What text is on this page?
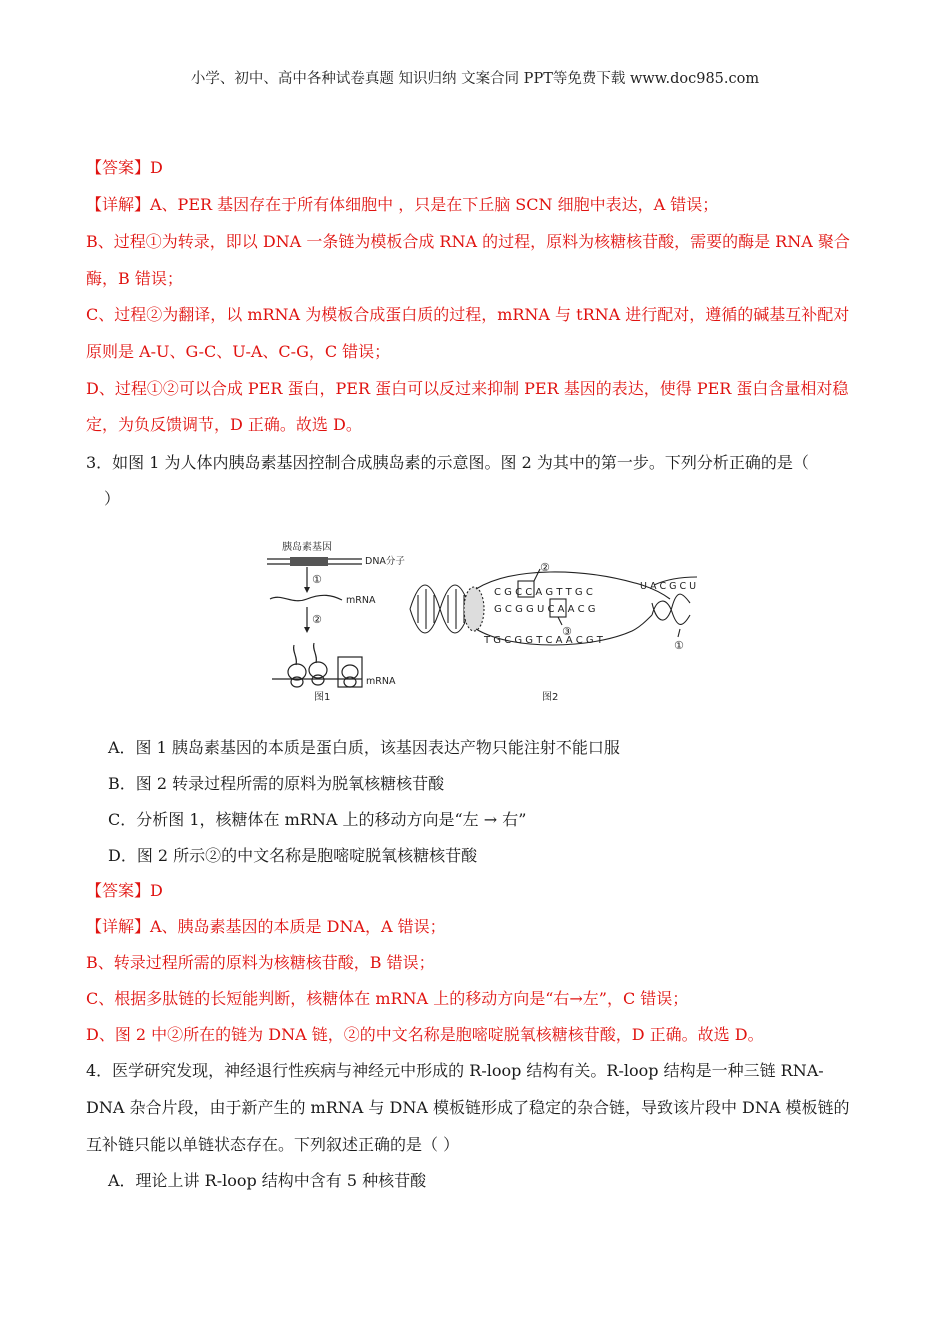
小学、初中、高中各种试卷真题 知识归纳 文案合同 PPT等免费下载 www.doc985.com
【答案】D
【详解】A、PER 基因存在于所有体细胞中 ，只是在下丘脑 SCN 细胞中表达，A 错误；
B、过程①为转录，即以 DNA 一条链为模板合成 RNA 的过程，原料为核糖核苷酸，需要的酶是 RNA 聚合
酶，B 错误；
C、过程②为翻译，以 mRNA 为模板合成蛋白质的过程，mRNA 与 tRNA 进行配对，遵循的碱基互补配对
原则是 A-U、G-C、U-A、C-G，C 错误；
D、过程①②可以合成 PER 蛋白，PER 蛋白可以反过来抑制 PER 基因的表达，使得 PER 蛋白含量相对稳
定，为负反馈调节，D 正确。故选 D。
3．如图 1 为人体内胰岛素基因控制合成胰岛素的示意图。图 2 为其中的第一步。下列分析正确的是（
）
胰岛素基因
DNA分子
①
mRNA
②
mRNA
图1
C G C C A G T T G C
G C G G U C A A C G
T G C G G T C A A C G T
U A C G C U
②
③
①
图2
A．图 1 胰岛素基因的本质是蛋白质，该基因表达产物只能注射不能口服
B．图 2 转录过程所需的原料为脱氧核糖核苷酸
C．分析图 1，核糖体在 mRNA 上的移动方向是“左 → 右”
D．图 2 所示②的中文名称是胞嘧啶脱氧核糖核苷酸
【答案】D
【详解】A、胰岛素基因的本质是 DNA，A 错误；
B、转录过程所需的原料为核糖核苷酸，B 错误；
C、根据多肽链的长短能判断，核糖体在 mRNA 上的移动方向是“右→左”，C 错误；
D、图 2 中②所在的链为 DNA 链，②的中文名称是胞嘧啶脱氧核糖核苷酸，D 正确。故选 D。
4．医学研究发现，神经退行性疾病与神经元中形成的 R-loop 结构有关。R-loop 结构是一种三链 RNA-
DNA 杂合片段，由于新产生的 mRNA 与 DNA 模板链形成了稳定的杂合链，导致该片段中 DNA 模板链的
互补链只能以单链状态存在。下列叙述正确的是（ ）
A．理论上讲 R-loop 结构中含有 5 种核苷酸
